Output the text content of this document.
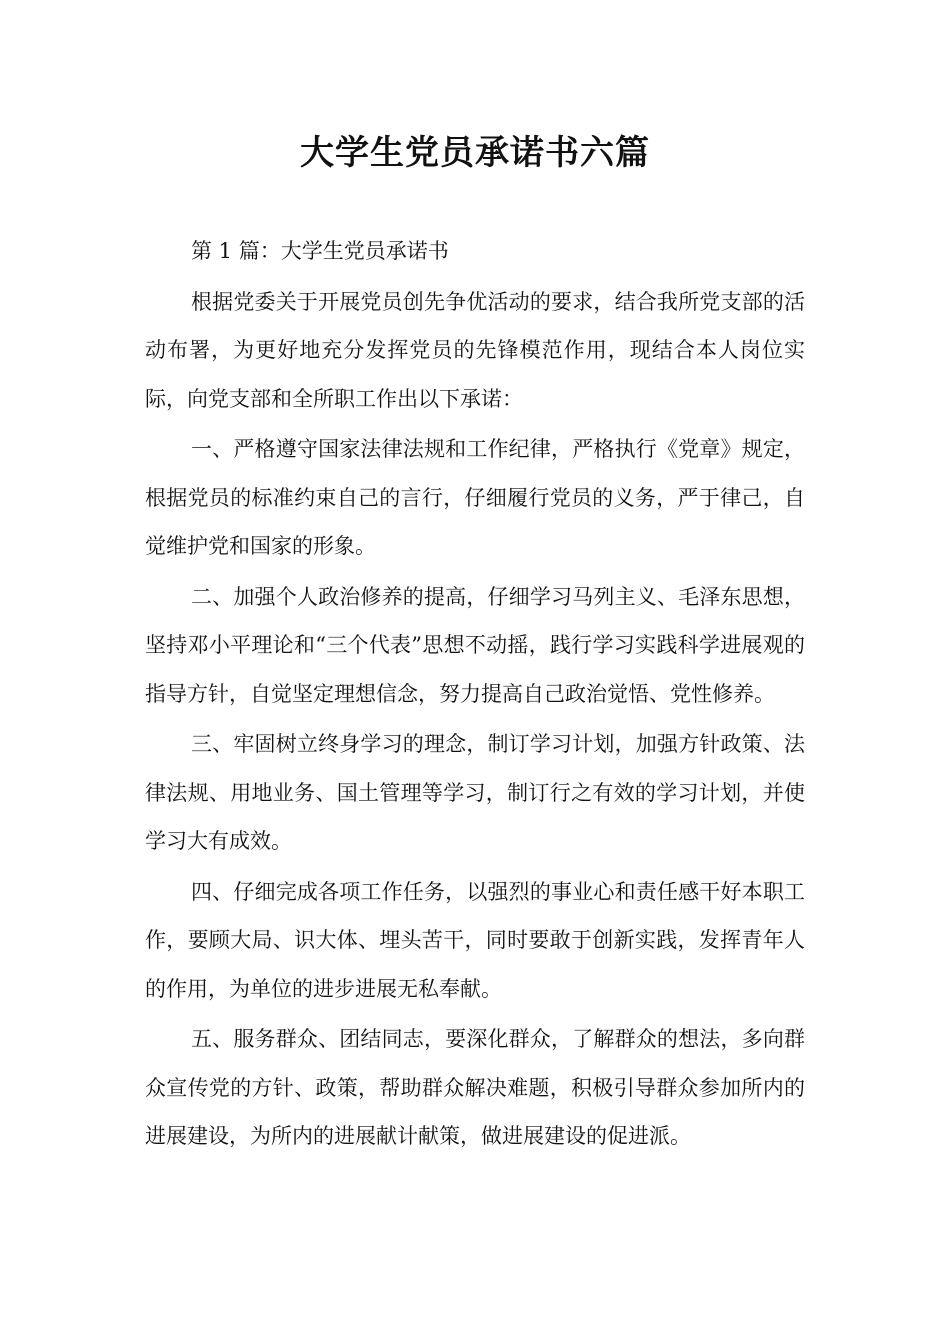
大学生党员承诺书六篇

第 1 篇：大学生党员承诺书

根据党委关于开展党员创先争优活动的要求，结合我所党支部的活动布署，为更好地充分发挥党员的先锋模范作用，现结合本人岗位实际，向党支部和全所职工作出以下承诺：

一、严格遵守国家法律法规和工作纪律，严格执行《党章》规定，根据党员的标准约束自己的言行，仔细履行党员的义务，严于律己，自觉维护党和国家的形象。

二、加强个人政治修养的提高，仔细学习马列主义、毛泽东思想，坚持邓小平理论和“三个代表”思想不动摇，践行学习实践科学进展观的指导方针，自觉坚定理想信念，努力提高自己政治觉悟、党性修养。

三、牢固树立终身学习的理念，制订学习计划，加强方针政策、法律法规、用地业务、国土管理等学习，制订行之有效的学习计划，并使学习大有成效。

四、仔细完成各项工作任务，以强烈的事业心和责任感干好本职工作，要顾大局、识大体、埋头苦干，同时要敢于创新实践，发挥青年人的作用，为单位的进步进展无私奉献。

五、服务群众、团结同志，要深化群众，了解群众的想法，多向群众宣传党的方针、政策，帮助群众解决难题，积极引导群众参加所内的进展建设，为所内的进展献计献策，做进展建设的促进派。
